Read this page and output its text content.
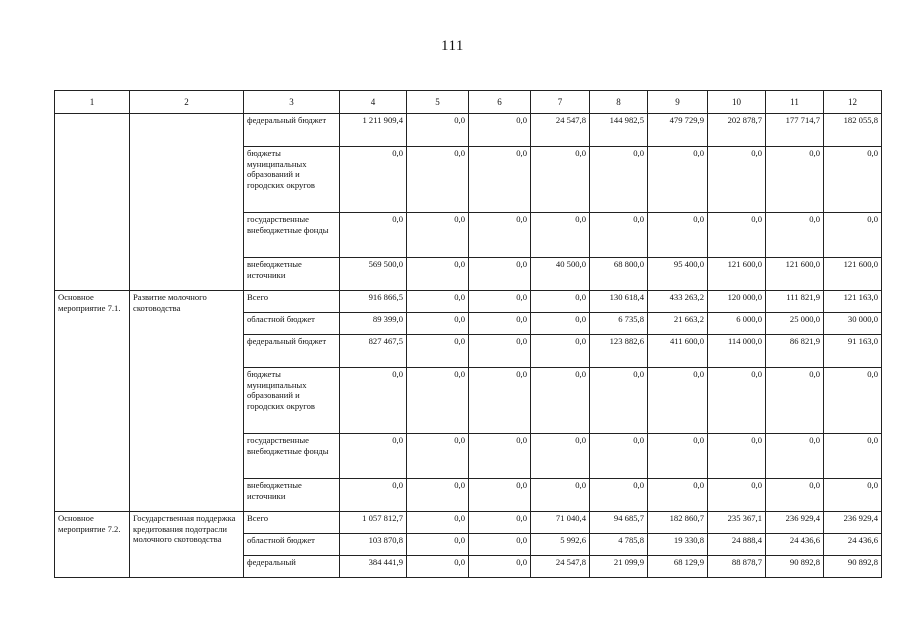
111
1	2	3	4	5	6	7	8	9	10	11	12
		федеральный бюджет	1 211 909,4	0,0	0,0	24 547,8	144 982,5	479 729,9	202 878,7	177 714,7	182 055,8
		бюджеты муниципальных образований и городских округов	0,0	0,0	0,0	0,0	0,0	0,0	0,0	0,0	0,0
		государственные внебюджетные фонды	0,0	0,0	0,0	0,0	0,0	0,0	0,0	0,0	0,0
		внебюджетные источники	569 500,0	0,0	0,0	40 500,0	68 800,0	95 400,0	121 600,0	121 600,0	121 600,0
Основное мероприятие 7.1.	Развитие молочного скотоводства	Всего	916 866,5	0,0	0,0	0,0	130 618,4	433 263,2	120 000,0	111 821,9	121 163,0
		областной бюджет	89 399,0	0,0	0,0	0,0	6 735,8	21 663,2	6 000,0	25 000,0	30 000,0
		федеральный бюджет	827 467,5	0,0	0,0	0,0	123 882,6	411 600,0	114 000,0	86 821,9	91 163,0
		бюджеты муниципальных образований и городских округов	0,0	0,0	0,0	0,0	0,0	0,0	0,0	0,0	0,0
		государственные внебюджетные фонды	0,0	0,0	0,0	0,0	0,0	0,0	0,0	0,0	0,0
		внебюджетные источники	0,0	0,0	0,0	0,0	0,0	0,0	0,0	0,0	0,0
Основное мероприятие 7.2.	Государственная поддержка кредитования подотрасли молочного скотоводства	Всего	1 057 812,7	0,0	0,0	71 040,4	94 685,7	182 860,7	235 367,1	236 929,4	236 929,4
		областной бюджет	103 870,8	0,0	0,0	5 992,6	4 785,8	19 330,8	24 888,4	24 436,6	24 436,6
		федеральный	384 441,9	0,0	0,0	24 547,8	21 099,9	68 129,9	88 878,7	90 892,8	90 892,8
